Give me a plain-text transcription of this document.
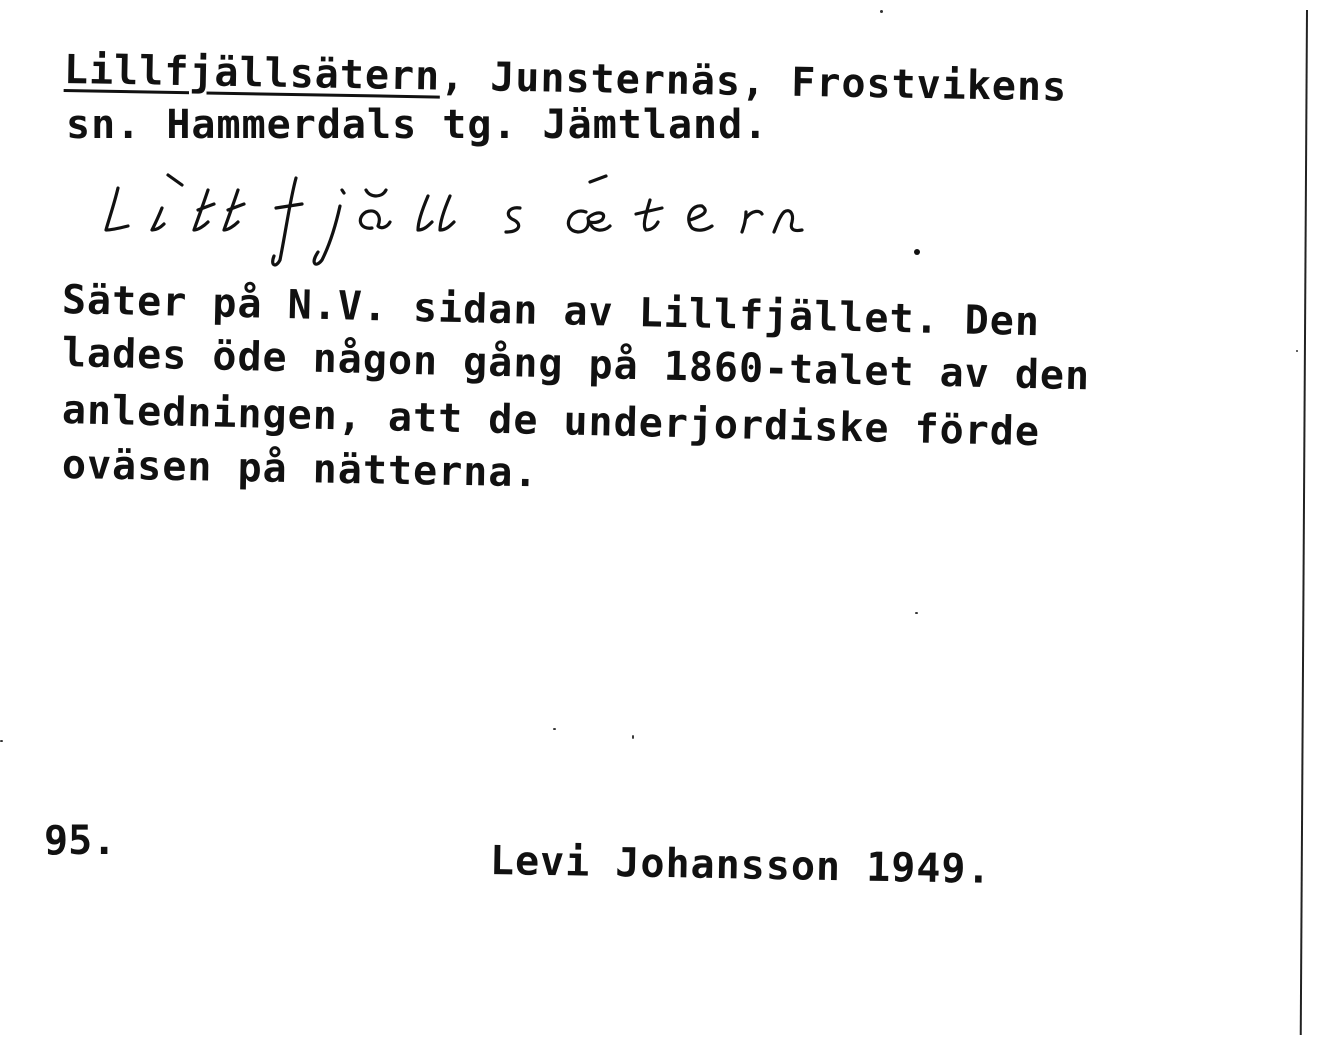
Lillfjällsätern, Junsternäs, Frostvikens
sn. Hammerdals tg. Jämtland.
Säter på N.V. sidan av Lillfjället. Den
lades öde någon gång på 1860-talet av den
anledningen, att de underjordiske förde
oväsen på nätterna.
95.	Levi Johansson 1949.
